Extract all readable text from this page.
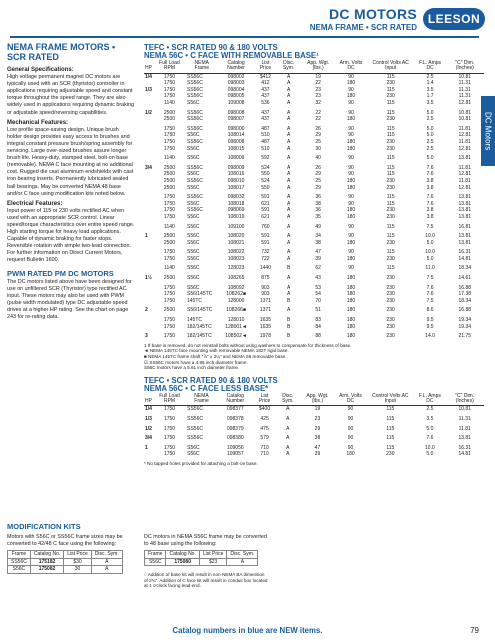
DC MOTORS
NEMA FRAME • SCR RATED
LEESON
DC Motors
NEMA FRAME MOTORS • SCR RATED
General Specifications:

High voltage permanent magnet DC motors are typically used with an SCR (thyristor) controller in applications requiring adjustable speed and constant torque throughout the speed range. They are also widely used in applications requiring dynamic braking or adjustable speed/reversing capabilities.

Mechanical Features:

Low profile space-saving design. Unique brush holder design provides easy access to brushes and integral constant pressure brush/spring assembly for servicing. Large over-sized brushes assure longer brush life. Heavy-duty, stamped steel, bolt-on base (removable). NEMA C face mounting at no additional cost. Rugged die cast aluminum endshields with cast iron bearing inserts. Permanently lubricated sealed ball bearings. May be converted NEMA 48 base and/or C face using modification kits noted below.

Electrical Features:

Input power of 115 or 230 volts rectified AC when used with an appropriate SCR control. Linear speed/torque characteristics over entire speed range. High starting torque for heavy load applications. Capable of dynamic braking for faster stops. Reversible rotation with simple two-lead connection. For further information on Direct Current Motors, request Bulletin 1600.

PWM RATED PM DC MOTORS

The DC motors listed above have been designed for use on unfiltered SCR (Thyristor) type rectified AC input. These motors may also be used with PWM (pulse width modulated) type DC adjustable speed drives at a higher HP rating. See the chart on page 243 for re-rating data.

TEFC • SCR RATED 90 & 180 VOLTS
NEMA 56C • C FACE WITH REMOVABLE BASE¹
HP	Full Load RPM	NEMA Frame	Catalog Number	List Price	Disc. Sym.	App. Wgt. (lbs.)	Arm. Volts DC	Control Volts AC Input	F.L. Amps DC	"C" Dim. (Inches)
1/4	1750	SS56C	098002	$412	A	19	90	115	2.5	10.81
	1750	SS56C	098003	412	A	22	180	230	1.4	11.31
1/3	1750	SS56C	098004	437	A	23	90	115	3.5	11.31
	1750	SS56C	098005	437	A	23	180	230	1.7	11.31
	1140	S56C	109008	536	A	32	90	115	3.5	12.81
1/2	2500	SS56C	098008	437	A	22	90	115	5.0	10.81
	2500	SS56C	098007	437	A	22	180	230	2.5	10.81
	1750	SS56C	098000	487	A	26	90	115	5.0	11.81
	1750	S56C	108014	510	A	29	90	115	5.0	12.81
	1750	SS56C	098008	487	A	25	180	230	2.5	11.81
	1750	S56C	108015	510	A	30	180	230	2.5	12.81
	1140	S56C	108009	592	A	40	90	115	5.0	13.81
3/4	2500	SS56C	098009	524	A	26	90	115	7.6	11.81
	2500	S56C	108016	550	A	29	90	115	7.6	12.81
	2500	SS56C	098010	524	A	25	180	230	3.8	11.81
	2500	S56C	108017	550	A	29	180	230	3.8	12.81
	1750	SS56C	098032	591	A	36	90	115	7.6	13.81
	1750	S56C	108018	621	A	38	90	115	7.6	13.81
	1750	SS56C	098069	591	A	36	180	230	3.8	13.81
	1750	S56C	108019	621	A	35	180	230	3.8	13.81
	1140	S56C	109100	760	A	49	90	115	7.5	16.81
1	2500	S56C	108020	591	A	34	90	115	10.0	13.81
	2500	S56C	108021	591	A	38	180	230	5.0	13.81
	1750	S56C	108022	732	A	47	90	115	10.0	16.31
	1750	S56C	108023	722	A	39	180	230	5.0	14.81
	1140	S56C	128023	1440	B	62	90	115	11.0	18.34
1½	2500	S56C	108265	875	A	43	180	230	7.5	14.61
	1750	S56C	108092	903	A	53	180	230	7.6	16.88
	1750	S56/145TC	108262■	903	A	54	180	230	7.6	17.38
	1750	145TC	128000	1371	B	70	180	230	7.5	18.34
2	2500	S56/145TC	108266■	1371	A	51	180	230	8.6	16.88
	1750	145TC	128010	1635	B	83	180	230	9.5	19.34
	1750	182/145TC	128001◄	1635	B	84	180	230	9.5	19.34
3	1750	182/145TC	108502◄	1978	B	88	180	230	14.0	21.75
1 If base is removed, do not reinstall bolts without using washers to compensate for thickness of base.
◄ NEMA 145TC face mounting with removable NEMA 182T rigid base.
■ NEMA 145TC frame shaft "⅞" x 2¼" and NEMA 56 removable base.
☑ SS56C motors have a 4.88 inch diameter frame.
S56C motors have a 5.61 inch diameter frame.
TEFC • SCR RATED 90 & 180 VOLTS
NEMA 56C • C FACE LESS BASE*
HP	Full Load RPM	NEMA Frame	Catalog Number	List Price	Disc. Sym.	App. Wgt. (lbs.)	Arm. Volts DC	Control Volts AC Input	F.L. Amps DC	"C" Dim. (Inches)
1/4	1750	SS56C	098377	$400	A	19	90	115	2.5	10.81
1/3	1750	SS56C	098378	425	A	23	90	115	3.5	11.31
1/2	1750	SS56C	098379	475	A	29	90	115	5.0	11.81
3/4	1750	SS56C	098380	579	A	38	90	115	7.6	13.81
1	1750	S56C	109056	710	A	47	90	115	10.0	16.31
	1750	S56C	109057	710	A	39	180	230	5.0	14.81
* No tapped holes provided for attaching a bolt-on base.
MODIFICATION KITS
Motors with S56C or SS56C frame sizes may be converted to 42/48 C face using the following:
Frame	Catalog No.	List Price	Disc. Sym.
SS56C	175182	$30	A
S56C	175082	30	A
DC motors in NEMA S56C frame may be converted to 48 base using the following:
Frame	Catalog No.	List Price	Disc. Sym.
S56C	175080	$23	A
○ Addition of base kit will result in non-NEMA BA dimension of 2¾". Addition of C face kit will result in conduit box located at 1 o'clock facing lead-end.
Catalog numbers in blue are NEW items.	79
